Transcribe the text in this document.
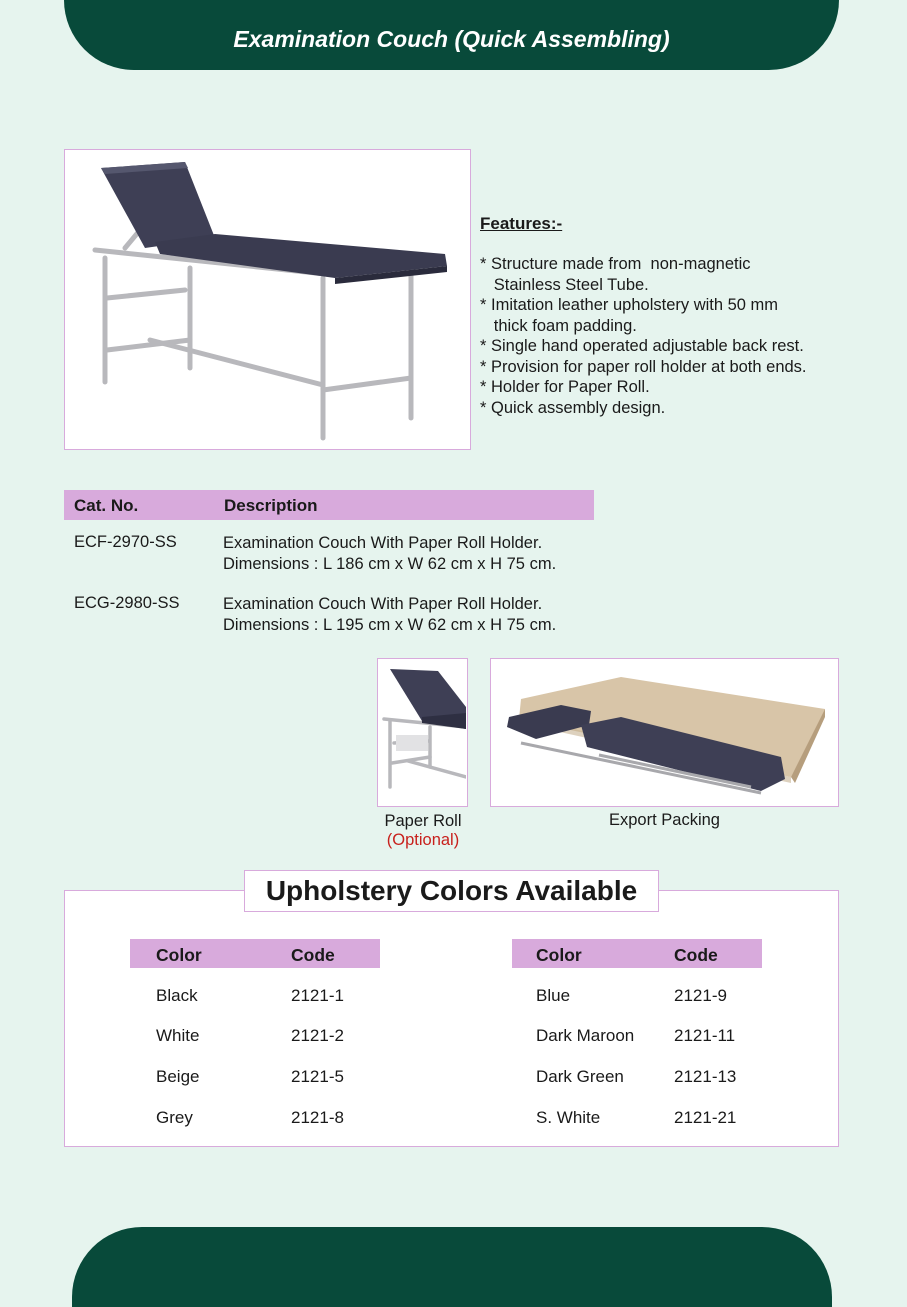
Examination Couch (Quick Assembling)
Features:-
* Structure made from  non-magnetic
Stainless Steel Tube.
* Imitation leather upholstery with 50 mm
thick foam padding.
* Single hand operated adjustable back rest.
* Provision for paper roll holder at both ends.
* Holder for Paper Roll.
* Quick assembly design.
Cat. No.	Description
ECF-2970-SS	Examination Couch With Paper Roll Holder.
Dimensions : L 186 cm x W 62 cm x H 75 cm.
ECG-2980-SS	Examination Couch With Paper Roll Holder.
Dimensions : L 195 cm x W 62 cm x H 75 cm.
Paper Roll
(Optional)
Export Packing
Upholstery Colors Available
Color	Code	Color	Code
Black	2121-1
White	2121-2
Beige	2121-5
Grey	2121-8
Blue	2121-9
Dark Maroon 2121-11
Dark Green	2121-13
S. White	2121-21
